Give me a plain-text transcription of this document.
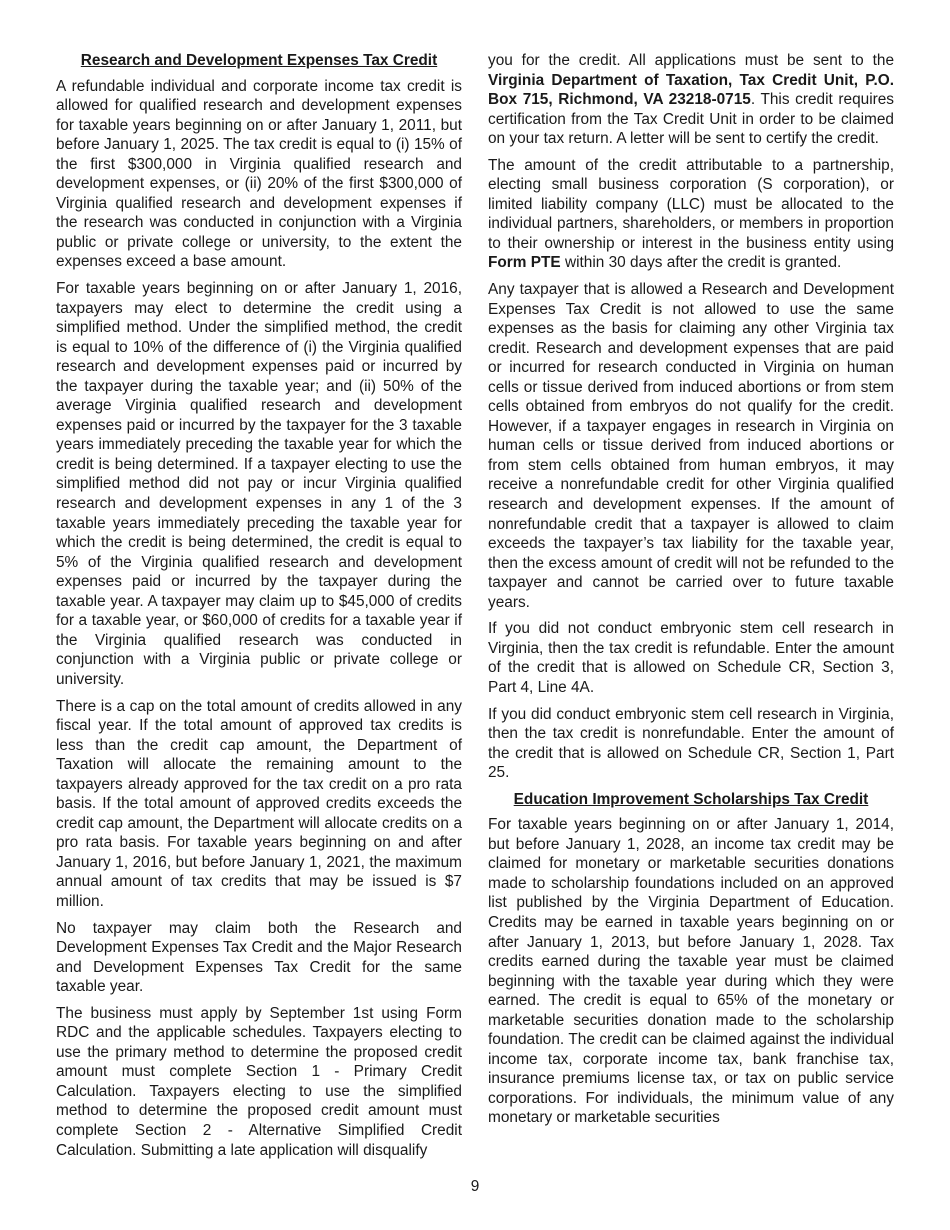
Research and Development Expenses Tax Credit

A refundable individual and corporate income tax credit is allowed for qualified research and development expenses for taxable years beginning on or after January 1, 2011, but before January 1, 2025. The tax credit is equal to (i) 15% of the first $300,000 in Virginia qualified research and development expenses, or (ii) 20% of the first $300,000 of Virginia qualified research and development expenses if the research was conducted in conjunction with a Virginia public or private college or university, to the extent the expenses exceed a base amount.

For taxable years beginning on or after January 1, 2016, taxpayers may elect to determine the credit using a simplified method. Under the simplified method, the credit is equal to 10% of the difference of (i) the Virginia qualified research and development expenses paid or incurred by the taxpayer during the taxable year; and (ii) 50% of the average Virginia qualified research and development expenses paid or incurred by the taxpayer for the 3 taxable years immediately preceding the taxable year for which the credit is being determined. If a taxpayer electing to use the simplified method did not pay or incur Virginia qualified research and development expenses in any 1 of the 3 taxable years immediately preceding the taxable year for which the credit is being determined, the credit is equal to 5% of the Virginia qualified research and development expenses paid or incurred by the taxpayer during the taxable year. A taxpayer may claim up to $45,000 of credits for a taxable year, or $60,000 of credits for a taxable year if the Virginia qualified research was conducted in conjunction with a Virginia public or private college or university.

There is a cap on the total amount of credits allowed in any fiscal year. If the total amount of approved tax credits is less than the credit cap amount, the Department of Taxation will allocate the remaining amount to the taxpayers already approved for the tax credit on a pro rata basis. If the total amount of approved credits exceeds the credit cap amount, the Department will allocate credits on a pro rata basis. For taxable years beginning on and after January 1, 2016, but before January 1, 2021, the maximum annual amount of tax credits that may be issued is $7 million.

No taxpayer may claim both the Research and Development Expenses Tax Credit and the Major Research and Development Expenses Tax Credit for the same taxable year.

The business must apply by September 1st using Form RDC and the applicable schedules. Taxpayers electing to use the primary method to determine the proposed credit amount must complete Section 1 - Primary Credit Calculation. Taxpayers electing to use the simplified method to determine the proposed credit amount must complete Section 2 - Alternative Simplified Credit Calculation. Submitting a late application will disqualify

you for the credit. All applications must be sent to the Virginia Department of Taxation, Tax Credit Unit, P.O. Box 715, Richmond, VA 23218-0715. This credit requires certification from the Tax Credit Unit in order to be claimed on your tax return. A letter will be sent to certify the credit.

The amount of the credit attributable to a partnership, electing small business corporation (S corporation), or limited liability company (LLC) must be allocated to the individual partners, shareholders, or members in proportion to their ownership or interest in the business entity using Form PTE within 30 days after the credit is granted.

Any taxpayer that is allowed a Research and Development Expenses Tax Credit is not allowed to use the same expenses as the basis for claiming any other Virginia tax credit. Research and development expenses that are paid or incurred for research conducted in Virginia on human cells or tissue derived from induced abortions or from stem cells obtained from embryos do not qualify for the credit. However, if a taxpayer engages in research in Virginia on human cells or tissue derived from induced abortions or from stem cells obtained from human embryos, it may receive a nonrefundable credit for other Virginia qualified research and development expenses. If the amount of nonrefundable credit that a taxpayer is allowed to claim exceeds the taxpayer’s tax liability for the taxable year, then the excess amount of credit will not be refunded to the taxpayer and cannot be carried over to future taxable years.

If you did not conduct embryonic stem cell research in Virginia, then the tax credit is refundable. Enter the amount of the credit that is allowed on Schedule CR, Section 3, Part 4, Line 4A.

If you did conduct embryonic stem cell research in Virginia, then the tax credit is nonrefundable. Enter the amount of the credit that is allowed on Schedule CR, Section 1, Part 25.

Education Improvement Scholarships Tax Credit

For taxable years beginning on or after January 1, 2014, but before January 1, 2028, an income tax credit may be claimed for monetary or marketable securities donations made to scholarship foundations included on an approved list published by the Virginia Department of Education. Credits may be earned in taxable years beginning on or after January 1, 2013, but before January 1, 2028. Tax credits earned during the taxable year must be claimed beginning with the taxable year during which they were earned. The credit is equal to 65% of the monetary or marketable securities donation made to the scholarship foundation. The credit can be claimed against the individual income tax, corporate income tax, bank franchise tax, insurance premiums license tax, or tax on public service corporations. For individuals, the minimum value of any monetary or marketable securities

9
